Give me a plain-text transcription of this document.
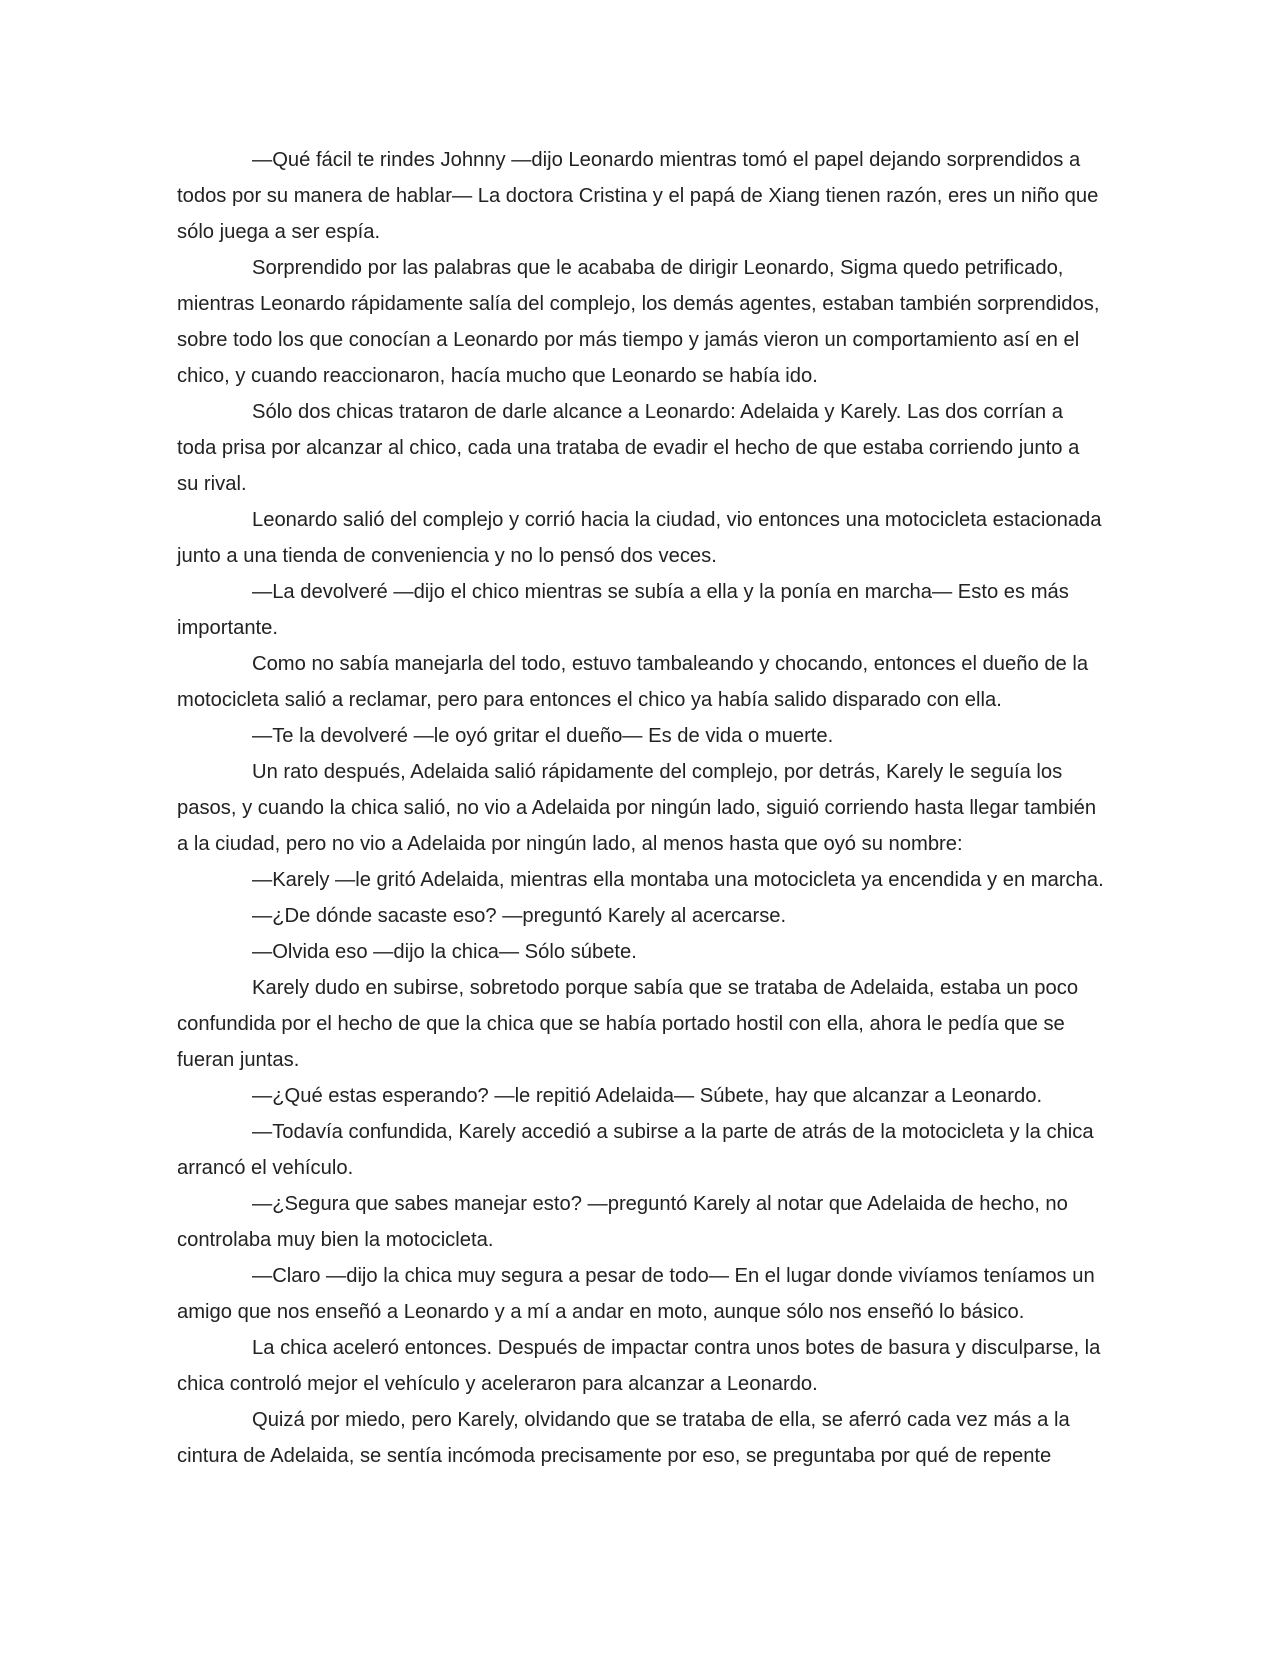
―Qué fácil te rindes Johnny ―dijo Leonardo mientras tomó el papel dejando sorprendidos a todos por su manera de hablar― La doctora Cristina y el papá de Xiang tienen razón, eres un niño que sólo juega a ser espía.

Sorprendido por las palabras que le acababa de dirigir Leonardo, Sigma quedo petrificado, mientras Leonardo rápidamente salía del complejo, los demás agentes, estaban también sorprendidos, sobre todo los que conocían a Leonardo por más tiempo y jamás vieron un comportamiento así en el chico, y cuando reaccionaron, hacía mucho que Leonardo se había ido.

Sólo dos chicas trataron de darle alcance a Leonardo: Adelaida y Karely. Las dos corrían a toda prisa por alcanzar al chico, cada una trataba de evadir el hecho de que estaba corriendo junto a su rival.

Leonardo salió del complejo y corrió hacia la ciudad, vio entonces una motocicleta estacionada junto a una tienda de conveniencia y no lo pensó dos veces.

―La devolveré ―dijo el chico mientras se subía a ella y la ponía en marcha― Esto es más importante.

Como no sabía manejarla del todo, estuvo tambaleando y chocando, entonces el dueño de la motocicleta salió a reclamar, pero para entonces el chico ya había salido disparado con ella.

―Te la devolveré ―le oyó gritar el dueño― Es de vida o muerte.

Un rato después, Adelaida salió rápidamente del complejo, por detrás, Karely le seguía los pasos, y cuando la chica salió, no vio a Adelaida por ningún lado, siguió corriendo hasta llegar también a la ciudad, pero no vio a Adelaida por ningún lado, al menos hasta que oyó su nombre:

―Karely ―le gritó Adelaida, mientras ella montaba una motocicleta ya encendida y en marcha.

―¿De dónde sacaste eso? ―preguntó Karely al acercarse.

―Olvida eso ―dijo la chica― Sólo súbete.

Karely dudo en subirse, sobretodo porque sabía que se trataba de Adelaida, estaba un poco confundida por el hecho de que la chica que se había portado hostil con ella, ahora le pedía que se fueran juntas.

―¿Qué estas esperando? ―le repitió Adelaida― Súbete, hay que alcanzar a Leonardo.

―Todavía confundida, Karely accedió a subirse a la parte de atrás de la motocicleta y la chica arrancó el vehículo.

―¿Segura que sabes manejar esto? ―preguntó Karely al notar que Adelaida de hecho, no controlaba muy bien la motocicleta.

―Claro ―dijo la chica muy segura a pesar de todo― En el lugar donde vivíamos teníamos un amigo que nos enseñó a Leonardo y a mí a andar en moto, aunque sólo nos enseñó lo básico.

La chica aceleró entonces. Después de impactar contra unos botes de basura y disculparse, la chica controló mejor el vehículo y aceleraron para alcanzar a Leonardo.

Quizá por miedo, pero Karely, olvidando que se trataba de ella, se aferró cada vez más a la cintura de Adelaida, se sentía incómoda precisamente por eso, se preguntaba por qué de repente
